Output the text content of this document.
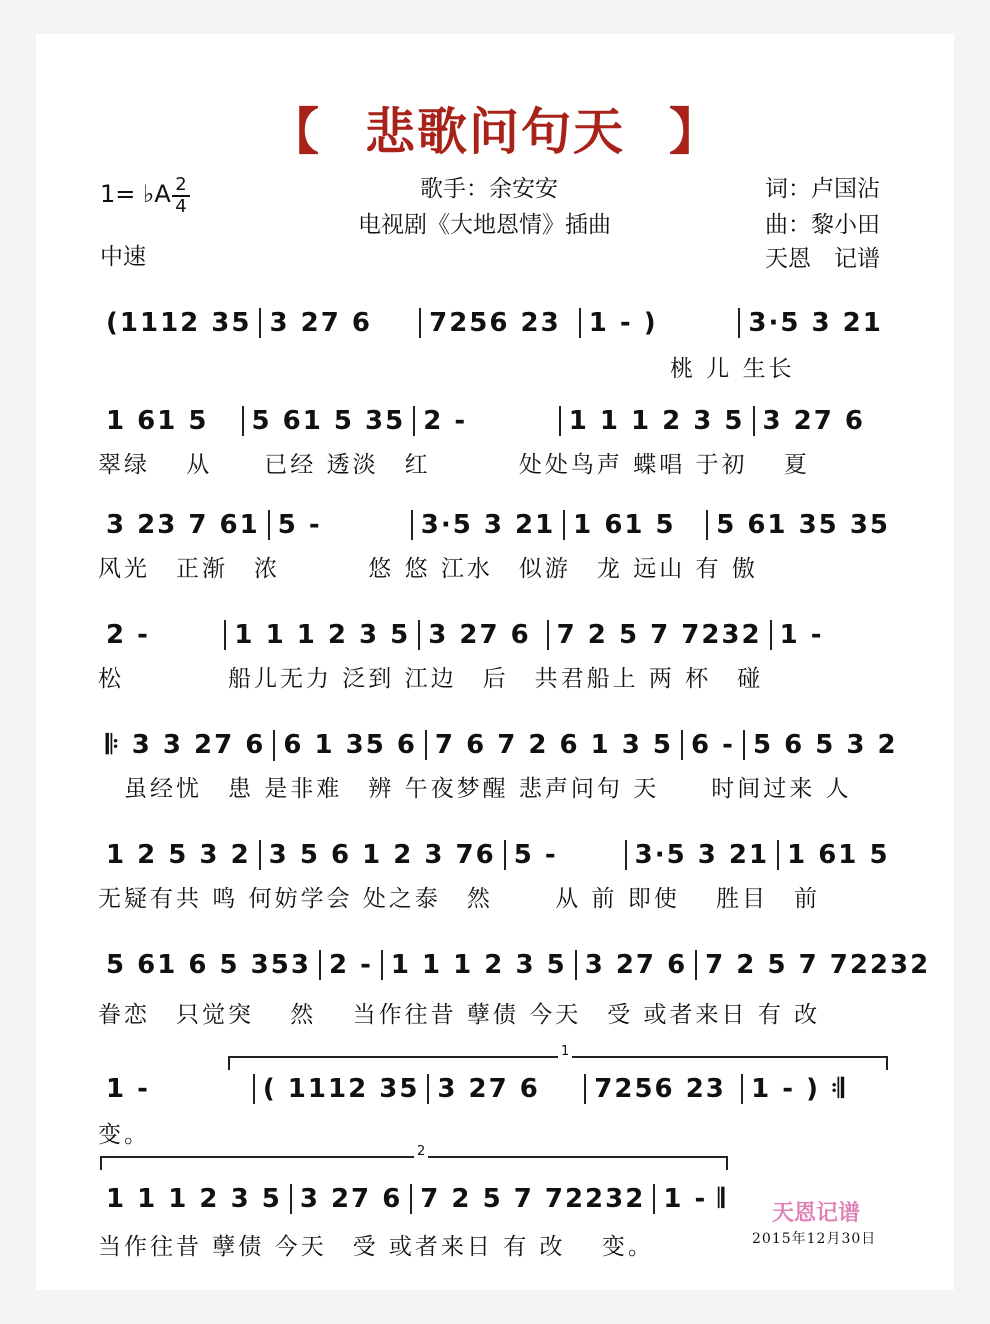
【 悲歌问句天 】
1= ♭A 2
4
中速
歌手：余安安
电视剧《大地恩情》插曲
词：卢国沾
曲：黎小田
天恩　记谱
(1112 35 3 27 6	7256 23	1 - )	3·5 3 21
　　　　　　　　　　　　　　　　　　　　　　桃 儿 生长
1 61 5	5 61 5 35 2 -	1 1 1 2 3 5 3 27 6
翠绿　 从　　已经 透淡　红　　　 处处鸟声 蝶唱 于初　 夏
3 23 7 61 5 -	3·5 3 21 1 61 5	5 61 35 35
风光　正渐　浓　　　 悠 悠 江水　似游　龙 远山 有 傲
2 -	1 1 1 2 3 5 3 27 6 7 2 5 7 7232 1 -
松　　　　船儿无力 泛到 江边　后　共君船上 两 杯　碰
𝄆 3 3 27 6 6 1 35 6 7 6 7 2 6 1 3 5 6 - 5 6 5 3 2
　虽经忧　患 是非难　辨 午夜梦醒 悲声问句 天　　时间过来 人
1 2 5 3 2 3 5 6 1 2 3 76 5 -	3·5 3 21 1 61 5
无疑有共 鸣 何妨学会 处之泰　然　　 从 前 即使　 胜目　前
5 61 6 5 353 2 - 1 1 1 2 3 5 3 27 6 7 2 5 7 72232
眷恋　只觉突　 然　 当作往昔 孽债 今天　受 或者来日 有 改
1
1 -	( 1112 35 3 27 6	7256 23 1 - ) 𝄇
变。
2
1 1 1 2 3 5 3 27 6 7 2 5 7 72232 1 - 𝄂
当作往昔 孽债 今天　受 或者来日 有 改　 变。
天恩记谱
2015年12月30日
